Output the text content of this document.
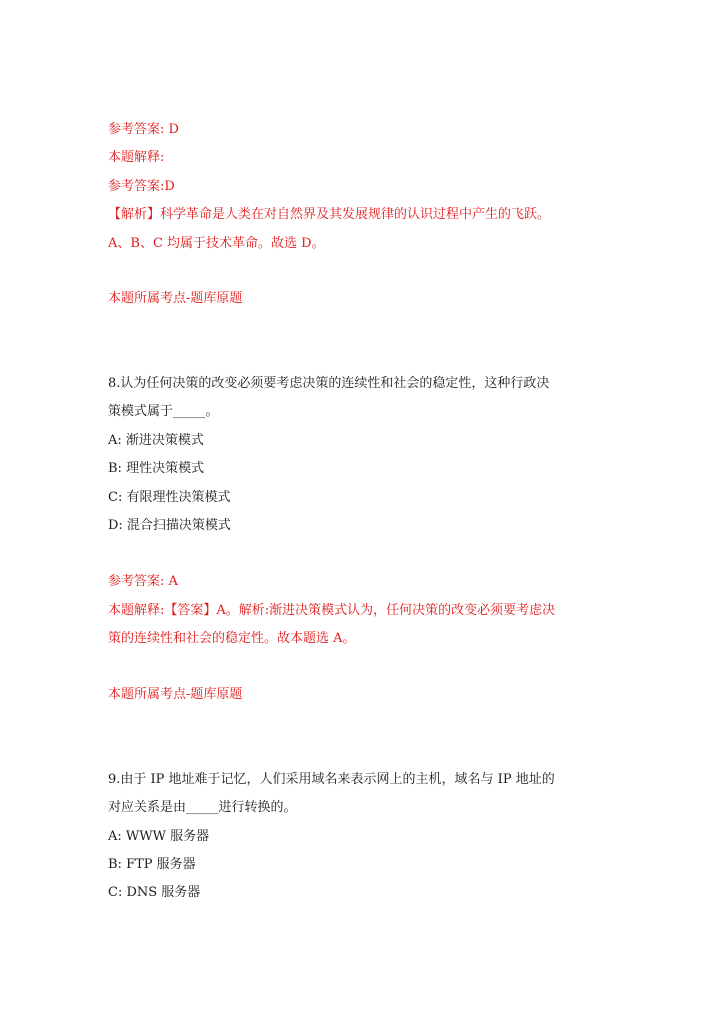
参考答案: D
本题解释:
参考答案:D
【解析】科学革命是人类在对自然界及其发展规律的认识过程中产生的飞跃。
A、B、C 均属于技术革命。故选 D。
本题所属考点-题库原题
8.认为任何决策的改变必须要考虑决策的连续性和社会的稳定性，这种行政决
策模式属于_____。
A: 渐进决策模式
B: 理性决策模式
C: 有限理性决策模式
D: 混合扫描决策模式
参考答案: A
本题解释:【答案】A。解析:渐进决策模式认为，任何决策的改变必须要考虑决
策的连续性和社会的稳定性。故本题选 A。
本题所属考点-题库原题
9.由于 IP 地址难于记忆，人们采用域名来表示网上的主机，域名与 IP 地址的
对应关系是由_____进行转换的。
A: WWW 服务器
B: FTP 服务器
C: DNS 服务器
